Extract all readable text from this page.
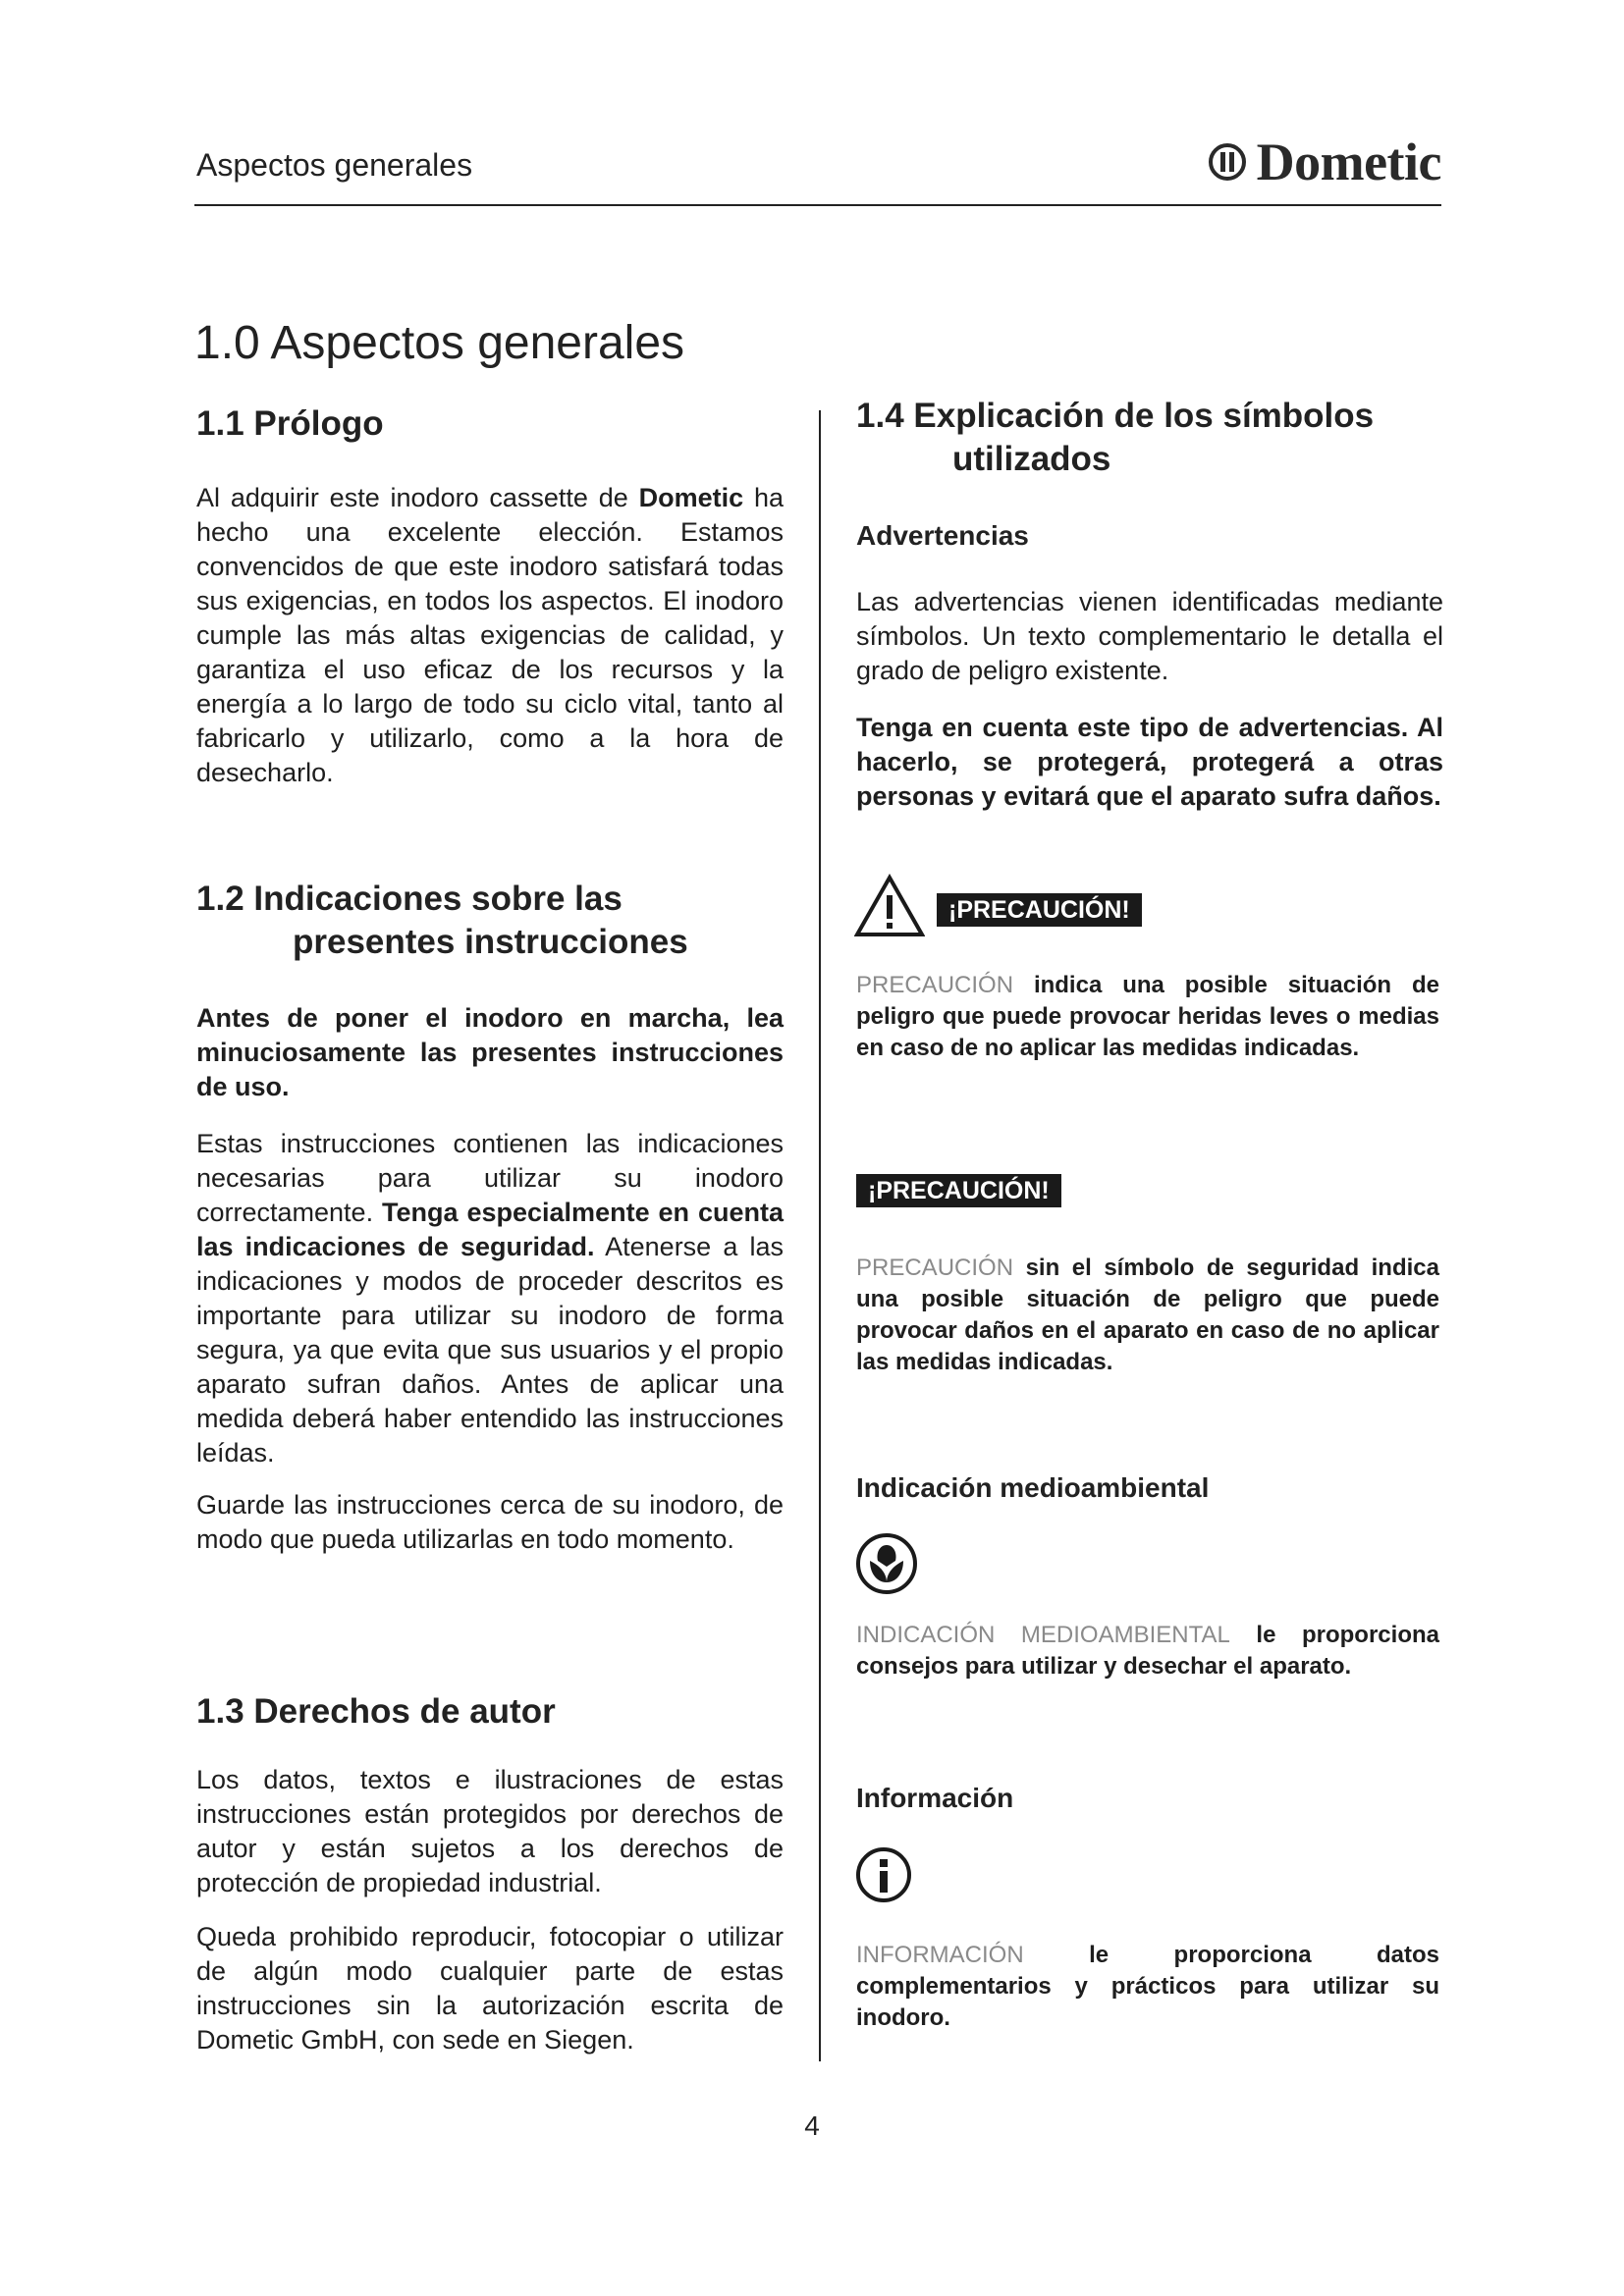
Aspectos generales	Dometic
1.0 Aspectos generales
1.1 Prólogo

Al adquirir este inodoro cassette de Dometic ha hecho una excelente elección. Estamos convencidos de que este inodoro satisfará todas sus exigencias, en todos los aspectos. El inodoro cumple las más altas exigencias de calidad, y garantiza el uso eficaz de los recursos y la energía a lo largo de todo su ciclo vital, tanto al fabricarlo y utilizarlo, como a la hora de desecharlo.

1.2 Indicaciones sobre las
presentes instrucciones

Antes de poner el inodoro en marcha, lea minuciosamente las presentes instrucciones de uso.

Estas instrucciones contienen las indicaciones necesarias para utilizar su inodoro correctamente. Tenga especialmente en cuenta las indicaciones de seguridad. Atenerse a las indicaciones y modos de proceder descritos es importante para utilizar su inodoro de forma segura, ya que evita que sus usuarios y el propio aparato sufran daños. Antes de aplicar una medida deberá haber entendido las instrucciones leídas.

Guarde las instrucciones cerca de su inodoro, de modo que pueda utilizarlas en todo momento.

1.3 Derechos de autor

Los datos, textos e ilustraciones de estas instrucciones están protegidos por derechos de autor y están sujetos a los derechos de protección de propiedad industrial.

Queda prohibido reproducir, fotocopiar o utilizar de algún modo cualquier parte de estas instrucciones sin la autorización escrita de Dometic GmbH, con sede en Siegen.

1.4 Explicación de los símbolos
utilizados
Advertencias

Las advertencias vienen identificadas mediante símbolos. Un texto complementario le detalla el grado de peligro existente.

Tenga en cuenta este tipo de advertencias. Al hacerlo, se protegerá, protegerá a otras personas y evitará que el aparato sufra daños.

¡PRECAUCIÓN!

PRECAUCIÓN indica una posible situación de peligro que puede provocar heridas leves o medias en caso de no aplicar las medidas indicadas.

¡PRECAUCIÓN!

PRECAUCIÓN sin el símbolo de seguridad indica una posible situación de peligro que puede provocar daños en el aparato en caso de no aplicar las medidas indicadas.

Indicación medioambiental

INDICACIÓN MEDIOAMBIENTAL le proporciona consejos para utilizar y desechar el aparato.

Información

INFORMACIÓN le proporciona datos complementarios y prácticos para utilizar su inodoro.

4
